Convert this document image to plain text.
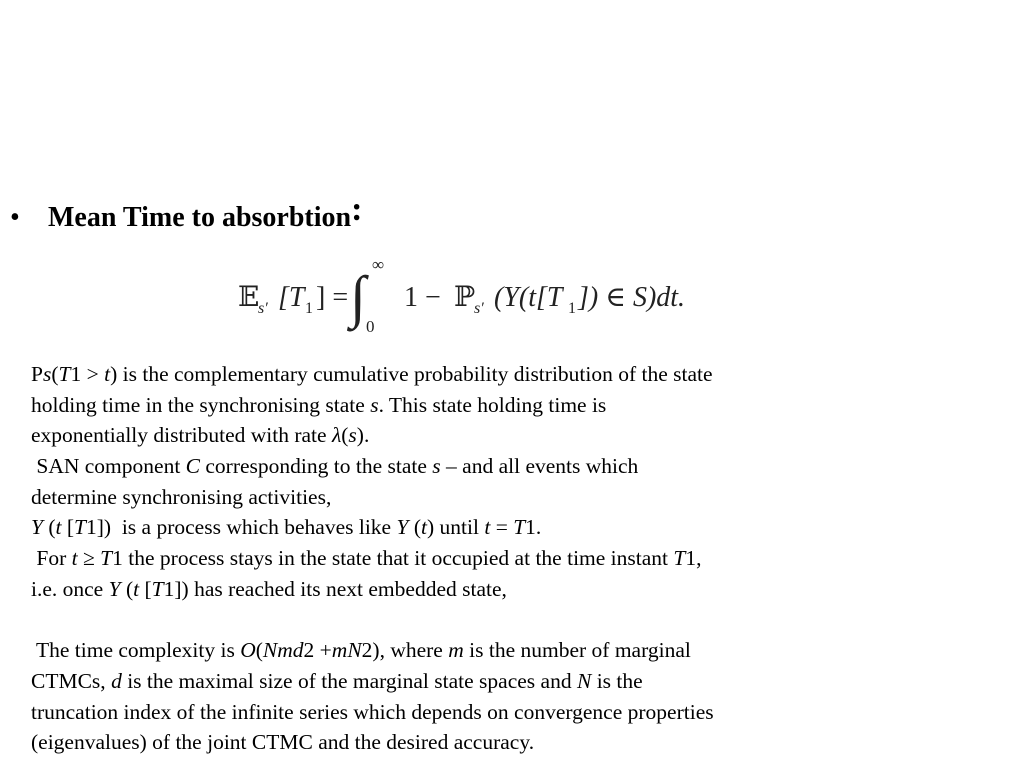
• Mean Time to absorbtion:
𝔼
s′ [T 1 ] = ∫ ∞
0
1 − ℙ
s′ (Y(t[T 1 ]) ∈ S)dt.
Ps(T1 > t) is the complementary cumulative probability distribution of the state
holding time in the synchronising state s. This state holding time is
exponentially distributed with rate λ(s).
SAN component C corresponding to the state s – and all events which
determine synchronising activities,
Y (t [T1])  is a process which behaves like Y (t) until t = T1.
For t ≥ T1 the process stays in the state that it occupied at the time instant T1,
i.e. once Y (t [T1]) has reached its next embedded state,
The time complexity is O(Nmd2 +mN2), where m is the number of marginal
CTMCs, d is the maximal size of the marginal state spaces and N is the
truncation index of the infinite series which depends on convergence properties
(eigenvalues) of the joint CTMC and the desired accuracy.
